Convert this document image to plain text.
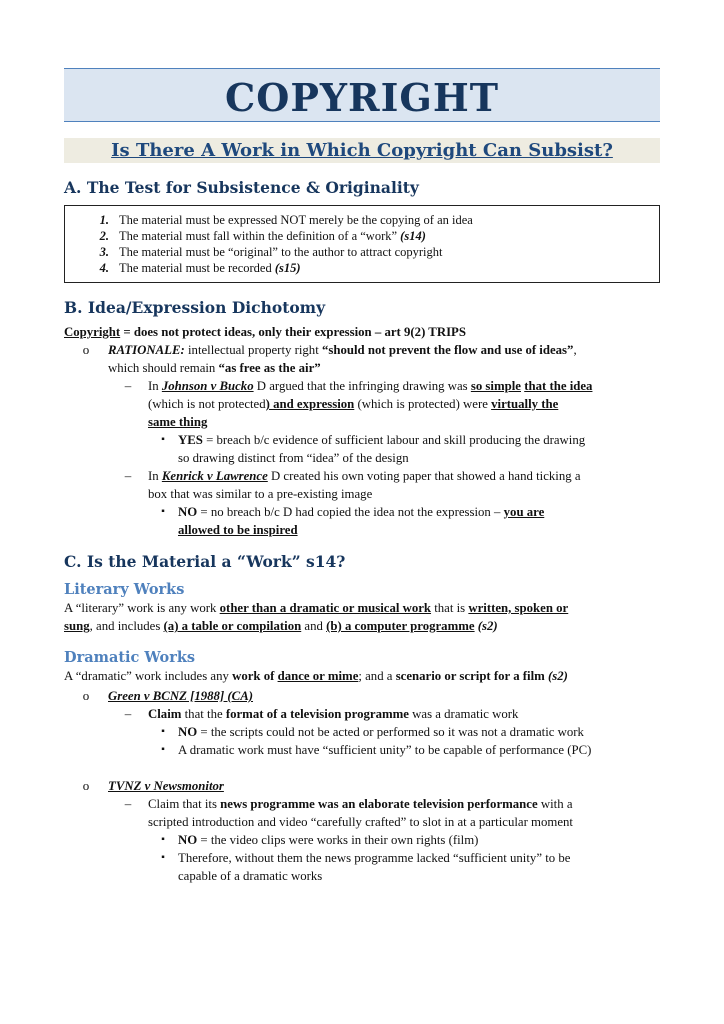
COPYRIGHT
Is There A Work in Which Copyright Can Subsist?

A. The Test for Subsistence & Originality

1. The material must be expressed NOT merely be the copying of an idea
2. The material must fall within the definition of a “work” (s14)
3. The material must be “original” to the author to attract copyright
4. The material must be recorded (s15)

B. Idea/Expression Dichotomy

Copyright = does not protect ideas, only their expression – art 9(2) TRIPS
o	RATIONALE: intellectual property right “should not prevent the flow and use of ideas”,
which should remain “as free as the air”
–	In Johnson v Bucko D argued that the infringing drawing was so simple that the idea
(which is not protected) and expression (which is protected) were virtually the
same thing
▪	YES = breach b/c evidence of sufficient labour and skill producing the drawing
so drawing distinct from “idea” of the design
–	In Kenrick v Lawrence D created his own voting paper that showed a hand ticking a
box that was similar to a pre-existing image
▪	NO = no breach b/c D had copied the idea not the expression – you are
allowed to be inspired

C. Is the Material a “Work” s14?

Literary Works

A “literary” work is any work other than a dramatic or musical work that is written, spoken or
sung, and includes (a) a table or compilation and (b) a computer programme (s2)

Dramatic Works

A “dramatic” work includes any work of dance or mime; and a scenario or script for a film (s2)
o	Green v BCNZ [1988] (CA)
–	Claim that the format of a television programme was a dramatic work
▪	NO = the scripts could not be acted or performed so it was not a dramatic work
▪	A dramatic work must have “sufficient unity” to be capable of performance (PC)
o	TVNZ v Newsmonitor
–	Claim that its news programme was an elaborate television performance with a
scripted introduction and video “carefully crafted” to slot in at a particular moment
▪	NO = the video clips were works in their own rights (film)
▪	Therefore, without them the news programme lacked “sufficient unity” to be
capable of a dramatic works
